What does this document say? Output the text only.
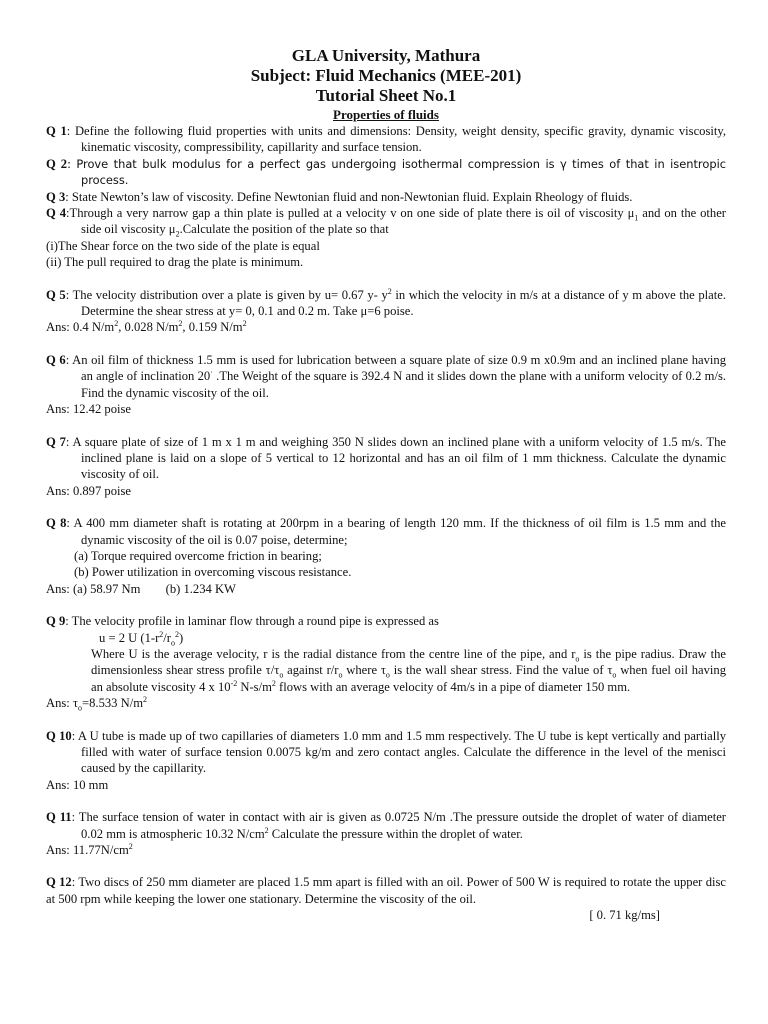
GLA University, Mathura
Subject: Fluid Mechanics (MEE-201)
Tutorial Sheet No.1
Properties of fluids

Q 1: Define the following fluid properties with units and dimensions: Density, weight density, specific gravity, dynamic viscosity, kinematic viscosity, compressibility, capillarity and surface tension.

Q 2: Prove that bulk modulus for a perfect gas undergoing isothermal compression is γ times of that in isentropic process.

Q 3: State Newton’s law of viscosity. Define Newtonian fluid and non-Newtonian fluid. Explain Rheology of fluids.

Q 4:Through a very narrow gap a thin plate is pulled at a velocity v on one side of plate there is oil of viscosity $\mu_1$ and on the other side oil viscosity $\mu_2.Calculate$ the position of the plate so that

(i)The Shear force on the two side of the plate is equal

(ii) The pull required to drag the plate is minimum.

Q 5: The velocity distribution over a plate is given by u= 0.67 y- $y^2$ in which the velocity in m/s at a distance of y m above the plate. Determine the shear stress at y= 0, 0.1 and 0.2 m. Take μ=6 poise.

Ans: 0.4 $N/m^2$, 0.028 $N/m^2$, 0.159 $N/m^2$

Q 6: An oil film of thickness 1.5 mm is used for lubrication between a square plate of size 0.9 m x0.9m and an inclined plane having an angle of inclination 20· .The Weight of the square is 392.4 N and it slides down the plane with a uniform velocity of 0.2 m/s. Find the dynamic viscosity of the oil.

Ans: 12.42 poise

Q 7: A square plate of size of 1 m x 1 m and weighing 350 N slides down an inclined plane with a uniform velocity of 1.5 m/s. The inclined plane is laid on a slope of 5 vertical to 12 horizontal and has an oil film of 1 mm thickness. Calculate the dynamic viscosity of oil.

Ans: 0.897 poise

Q 8: A 400 mm diameter shaft is rotating at 200rpm in a bearing of length 120 mm. If the thickness of oil film is 1.5 mm and the dynamic viscosity of the oil is 0.07 poise, determine;

(a) Torque required overcome friction in bearing;

(b) Power utilization in overcoming viscous resistance.

Ans: (a) 58.97 Nm        (b) 1.234 KW

Q 9: The velocity profile in laminar flow through a round pipe is expressed as

u = 2 U $(1-r^2/r_o^2)$

Where U is the average velocity, r is the radial distance from the centre line of the pipe, and $r_o$ is the pipe radius. Draw the dimensionless shear stress profile $\tau/\tau_o$ against $r/r_o$ where $\tau_o$ is the wall shear stress. Find the value of $\tau_o$ when fuel oil having an absolute viscosity 4 x $10^{-2}$ $N-s/m^2$ flows with an average velocity of 4m/s in a pipe of diameter 150 mm.

Ans: $\tau_o=8.533$ $N/m^2$

Q 10: A U tube is made up of two capillaries of diameters 1.0 mm and 1.5 mm respectively. The U tube is kept vertically and partially filled with water of surface tension 0.0075 kg/m and zero contact angles. Calculate the difference in the level of the menisci caused by the capillarity.

Ans: 10 mm

Q 11: The surface tension of water in contact with air is given as 0.0725 N/m .The pressure outside the droplet of water of diameter 0.02 mm is atmospheric 10.32 $N/cm^2$ Calculate the pressure within the droplet of water.

Ans: $11.77N/cm^2$

Q 12: Two discs of 250 mm diameter are placed 1.5 mm apart is filled with an oil. Power of 500 W is required to rotate the upper disc at 500 rpm while keeping the lower one stationary. Determine the viscosity of the oil.

[ 0. 71 kg/ms]
